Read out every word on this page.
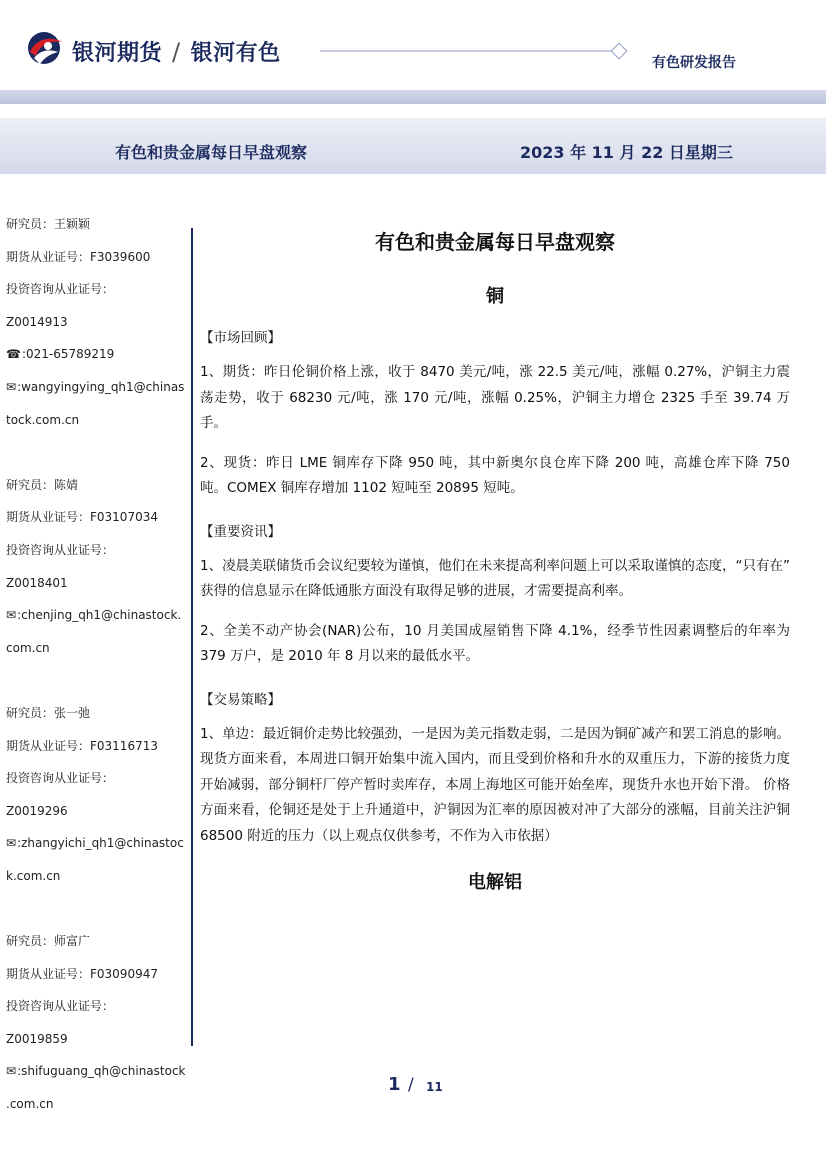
银河期货 / 银河有色	有色研发报告
有色和贵金属每日早盘观察	2023 年 11 月 22 日星期三
研究员：王颖颖
期货从业证号：F3039600
投资咨询从业证号：
Z0014913
☎:021-65789219
✉:wangyingying_qh1@chinas
tock.com.cn
研究员：陈婧
期货从业证号：F03107034
投资咨询从业证号：
Z0018401
✉:chenjing_qh1@chinastock.
com.cn
研究员：张一弛
期货从业证号：F03116713
投资咨询从业证号：
Z0019296
✉:zhangyichi_qh1@chinastoc
k.com.cn
研究员：师富广
期货从业证号：F03090947
投资咨询从业证号：
Z0019859
✉:shifuguang_qh@chinastock
.com.cn
有色和贵金属每日早盘观察
铜
【市场回顾】

1、期货：昨日伦铜价格上涨，收于 8470 美元/吨，涨 22.5 美元/吨，涨幅 0.27%，沪铜主力震荡走势，收于 68230 元/吨，涨 170 元/吨，涨幅 0.25%，沪铜主力增仓 2325 手至 39.74 万手。

2、现货：昨日 LME 铜库存下降 950 吨，其中新奥尔良仓库下降 200 吨，高雄仓库下降 750 吨。COMEX 铜库存增加 1102 短吨至 20895 短吨。

【重要资讯】

1、凌晨美联储货币会议纪要较为谨慎，他们在未来提高利率问题上可以采取谨慎的态度，“只有在” 获得的信息显示在降低通胀方面没有取得足够的进展，才需要提高利率。

2、全美不动产协会(NAR)公布，10 月美国成屋销售下降 4.1%，经季节性因素调整后的年率为 379 万户，是 2010 年 8 月以来的最低水平。

【交易策略】

1、单边：最近铜价走势比较强劲，一是因为美元指数走弱，二是因为铜矿减产和罢工消息的影响。现货方面来看，本周进口铜开始集中流入国内，而且受到价格和升水的双重压力，下游的接货力度开始减弱，部分铜杆厂停产暂时卖库存，本周上海地区可能开始垒库，现货升水也开始下滑。 价格方面来看，伦铜还是处于上升通道中，沪铜因为汇率的原因被对冲了大部分的涨幅，目前关注沪铜 68500 附近的压力（以上观点仅供参考，不作为入市依据）

电解铝
1 / 11
